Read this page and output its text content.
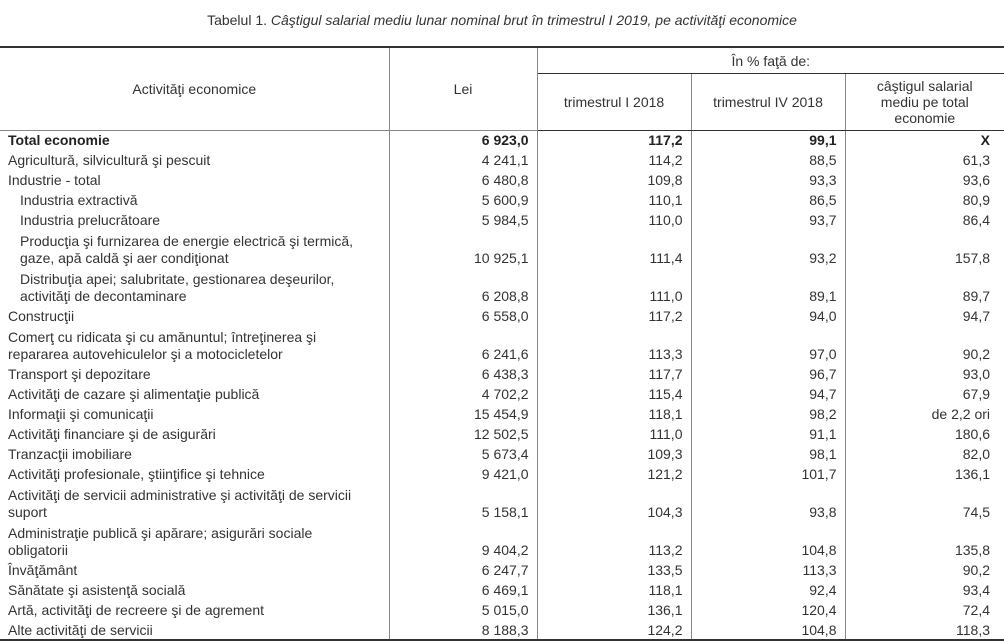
Tabelul 1. Câştigul salarial mediu lunar nominal brut în trimestrul I 2019, pe activităţi economice
Activităţi economice	Lei	În % faţă de:		
		trimestrul I 2018	trimestrul IV 2018	câştigul salarial
mediu pe total
economie
Total economie	6 923,0	117,2	99,1	X
Agricultură, silvicultură şi pescuit	4 241,1	114,2	88,5	61,3
Industrie - total	6 480,8	109,8	93,3	93,6
Industria extractivă	5 600,9	110,1	86,5	80,9
Industria prelucrătoare	5 984,5	110,0	93,7	86,4
Producţia şi furnizarea de energie electrică şi termică,
gaze, apă caldă şi aer condiţionat	10 925,1	111,4	93,2	157,8
Distribuţia apei; salubritate, gestionarea deşeurilor,
activităţi de decontaminare	6 208,8	111,0	89,1	89,7
Construcţii	6 558,0	117,2	94,0	94,7
Comerţ cu ridicata şi cu amănuntul; întreţinerea şi
repararea autovehiculelor şi a motocicletelor	6 241,6	113,3	97,0	90,2
Transport şi depozitare	6 438,3	117,7	96,7	93,0
Activităţi de cazare şi alimentaţie publică	4 702,2	115,4	94,7	67,9
Informaţii şi comunicaţii	15 454,9	118,1	98,2	de 2,2 ori
Activităţi financiare şi de asigurări	12 502,5	111,0	91,1	180,6
Tranzacţii imobiliare	5 673,4	109,3	98,1	82,0
Activităţi profesionale, ştiinţifice şi tehnice	9 421,0	121,2	101,7	136,1
Activităţi de servicii administrative şi activităţi de servicii
suport	5 158,1	104,3	93,8	74,5
Administraţie publică şi apărare; asigurări sociale
obligatorii	9 404,2	113,2	104,8	135,8
Învăţământ	6 247,7	133,5	113,3	90,2
Sănătate şi asistenţă socială	6 469,1	118,1	92,4	93,4
Artă, activităţi de recreere şi de agrement	5 015,0	136,1	120,4	72,4
Alte activităţi de servicii	8 188,3	124,2	104,8	118,3
